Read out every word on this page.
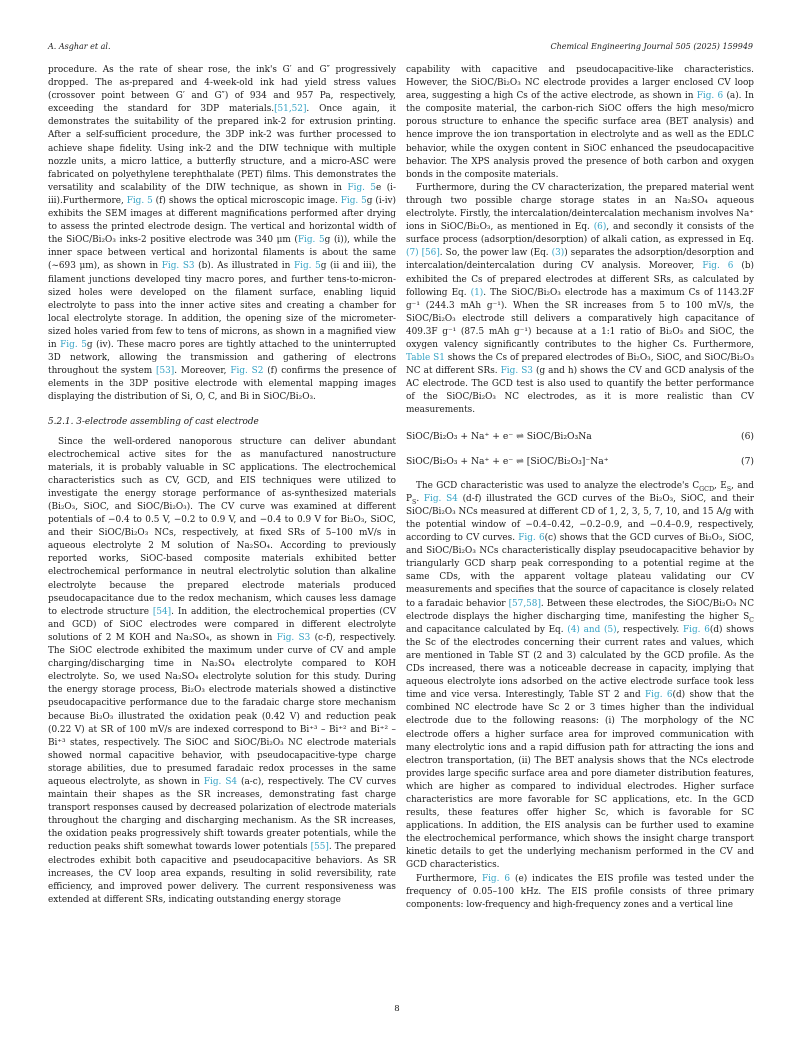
A. Asghar et al.	Chemical Engineering Journal 505 (2025) 159949

procedure. As the rate of shear rose, the ink's G′ and G″ progressively dropped. The as-prepared and 4-week-old ink had yield stress values (crossover point between G′ and G″) of 934 and 957 Pa, respectively, exceeding the standard for 3DP materials.[51,52]. Once again, it demonstrates the suitability of the prepared ink-2 for extrusion printing. After a self-sufficient procedure, the 3DP ink-2 was further processed to achieve shape fidelity. Using ink-2 and the DIW technique with multiple nozzle units, a micro lattice, a butterfly structure, and a micro-ASC were fabricated on polyethylene terephthalate (PET) films. This demonstrates the versatility and scalability of the DIW technique, as shown in Fig. 5e (i-iii).Furthermore, Fig. 5 (f) shows the optical microscopic image. Fig. 5g (i-iv) exhibits the SEM images at different magnifications performed after drying to assess the printed electrode design. The vertical and horizontal width of the SiOC/Bi₂O₃ inks-2 positive electrode was 340 μm (Fig. 5g (i)), while the inner space between vertical and horizontal filaments is about the same (~693 μm), as shown in Fig. S3 (b). As illustrated in Fig. 5g (ii and iii), the filament junctions developed tiny macro pores, and further tens-to-micron-sized holes were developed on the filament surface, enabling liquid electrolyte to pass into the inner active sites and creating a chamber for local electrolyte storage. In addition, the opening size of the micrometer-sized holes varied from few to tens of microns, as shown in a magnified view in Fig. 5g (iv). These macro pores are tightly attached to the uninterrupted 3D network, allowing the transmission and gathering of electrons throughout the system [53]. Moreover, Fig. S2 (f) confirms the presence of elements in the 3DP positive electrode with elemental mapping images displaying the distribution of Si, O, C, and Bi in SiOC/Bi₂O₃.

5.2.1. 3-electrode assembling of cast electrode

Since the well-ordered nanoporous structure can deliver abundant electrochemical active sites for the as manufactured nanostructure materials, it is probably valuable in SC applications. The electrochemical characteristics such as CV, GCD, and EIS techniques were utilized to investigate the energy storage performance of as-synthesized materials (Bi₂O₃, SiOC, and SiOC/Bi₂O₃). The CV curve was examined at different potentials of −0.4 to 0.5 V, −0.2 to 0.9 V, and −0.4 to 0.9 V for Bi₂O₃, SiOC, and their SiOC/Bi₂O₃ NCs, respectively, at fixed SRs of 5–100 mV/s in aqueous electrolyte 2 M solution of Na₂SO₄. According to previously reported works, SiOC-based composite materials exhibited better electrochemical performance in neutral electrolytic solution than alkaline electrolyte because the prepared electrode materials produced pseudocapacitance due to the redox mechanism, which causes less damage to electrode structure [54]. In addition, the electrochemical properties (CV and GCD) of SiOC electrodes were compared in different electrolyte solutions of 2 M KOH and Na₂SO₄, as shown in Fig. S3 (c-f), respectively. The SiOC electrode exhibited the maximum under curve of CV and ample charging/discharging time in Na₂SO₄ electrolyte compared to KOH electrolyte. So, we used Na₂SO₄ electrolyte solution for this study. During the energy storage process, Bi₂O₃ electrode materials showed a distinctive pseudocapacitive performance due to the faradaic charge store mechanism because Bi₂O₃ illustrated the oxidation peak (0.42 V) and reduction peak (0.22 V) at SR of 100 mV/s are indexed correspond to Bi⁺³ – Bi⁺² and Bi⁺² – Bi⁺³ states, respectively. The SiOC and SiOC/Bi₂O₃ NC electrode materials showed normal capacitive behavior, with pseudocapacitive-type charge storage abilities, due to presumed faradaic redox processes in the same aqueous electrolyte, as shown in Fig. S4 (a-c), respectively. The CV curves maintain their shapes as the SR increases, demonstrating fast charge transport responses caused by decreased polarization of electrode materials throughout the charging and discharging mechanism. As the SR increases, the oxidation peaks progressively shift towards greater potentials, while the reduction peaks shift somewhat towards lower potentials [55]. The prepared electrodes exhibit both capacitive and pseudocapacitive behaviors. As SR increases, the CV loop area expands, resulting in solid reversibility, rate efficiency, and improved power delivery. The current responsiveness was extended at different SRs, indicating outstanding energy storage

capability with capacitive and pseudocapacitive-like characteristics. However, the SiOC/Bi₂O₃ NC electrode provides a larger enclosed CV loop area, suggesting a high Cs of the active electrode, as shown in Fig. 6 (a). In the composite material, the carbon-rich SiOC offers the high meso/micro porous structure to enhance the specific surface area (BET analysis) and hence improve the ion transportation in electrolyte and as well as the EDLC behavior, while the oxygen content in SiOC enhanced the pseudocapacitive behavior. The XPS analysis proved the presence of both carbon and oxygen bonds in the composite materials.

Furthermore, during the CV characterization, the prepared material went through two possible charge storage states in an Na₂SO₄ aqueous electrolyte. Firstly, the intercalation/deintercalation mechanism involves Na⁺ ions in SiOC/Bi₂O₃, as mentioned in Eq. (6), and secondly it consists of the surface process (adsorption/desorption) of alkali cation, as expressed in Eq. (7) [56]. So, the power law (Eq. (3)) separates the adsorption/desorption and intercalation/deintercalation during CV analysis. Moreover, Fig. 6 (b) exhibited the Cs of prepared electrodes at different SRs, as calculated by following Eq. (1). The SiOC/Bi₂O₃ electrode has a maximum Cs of 1143.2F g⁻¹ (244.3 mAh g⁻¹). When the SR increases from 5 to 100 mV/s, the SiOC/Bi₂O₃ electrode still delivers a comparatively high capacitance of 409.3F g⁻¹ (87.5 mAh g⁻¹) because at a 1:1 ratio of Bi₂O₃ and SiOC, the oxygen valency significantly contributes to the higher Cs. Furthermore, Table S1 shows the Cs of prepared electrodes of Bi₂O₃, SiOC, and SiOC/Bi₂O₃ NC at different SRs. Fig. S3 (g and h) shows the CV and GCD analysis of the AC electrode. The GCD test is also used to quantify the better performance of the SiOC/Bi₂O₃ NC electrodes, as it is more realistic than CV measurements.

SiOC/Bi₂O₃ + Na⁺ + e⁻ ⇌ SiOC/Bi₂O₃Na	(6)
SiOC/Bi₂O₃ + Na⁺ + e⁻ ⇌ [SiOC/Bi₂O₃]⁻Na⁺	(7)

The GCD characteristic was used to analyze the electrode's $C_{GCD}$, $E_S$, and $P_S$. Fig. S4 (d-f) illustrated the GCD curves of the Bi₂O₃, SiOC, and their SiOC/Bi₂O₃ NCs measured at different CD of 1, 2, 3, 5, 7, 10, and 15 A/g with the potential window of −0.4–0.42, −0.2–0.9, and −0.4–0.9, respectively, according to CV curves. Fig. 6(c) shows that the GCD curves of Bi₂O₃, SiOC, and SiOC/Bi₂O₃ NCs characteristically display pseudocapacitive behavior by triangularly GCD sharp peak corresponding to a potential regime at the same CDs, with the apparent voltage plateau validating our CV measurements and specifies that the source of capacitance is closely related to a faradaic behavior [57,58]. Between these electrodes, the SiOC/Bi₂O₃ NC electrode displays the higher discharging time, manifesting the higher $S_C$ and capacitance calculated by Eq. (4) and (5), respectively. Fig. 6(d) shows the Sc of the electrodes concerning their current rates and values, which are mentioned in Table ST (2 and 3) calculated by the GCD profile. As the CDs increased, there was a noticeable decrease in capacity, implying that aqueous electrolyte ions adsorbed on the active electrode surface took less time and vice versa. Interestingly, Table ST 2 and Fig. 6(d) show that the combined NC electrode have Sc 2 or 3 times higher than the individual electrode due to the following reasons: (i) The morphology of the NC electrode offers a higher surface area for improved communication with many electrolytic ions and a rapid diffusion path for attracting the ions and electron transportation, (ii) The BET analysis shows that the NCs electrode provides large specific surface area and pore diameter distribution features, which are higher as compared to individual electrodes. Higher surface characteristics are more favorable for SC applications, etc. In the GCD results, these features offer higher Sc, which is favorable for SC applications. In addition, the EIS analysis can be further used to examine the electrochemical performance, which shows the insight charge transport kinetic details to get the underlying mechanism performed in the CV and GCD characteristics.

Furthermore, Fig. 6 (e) indicates the EIS profile was tested under the frequency of 0.05–100 kHz. The EIS profile consists of three primary components: low-frequency and high-frequency zones and a vertical line

8
